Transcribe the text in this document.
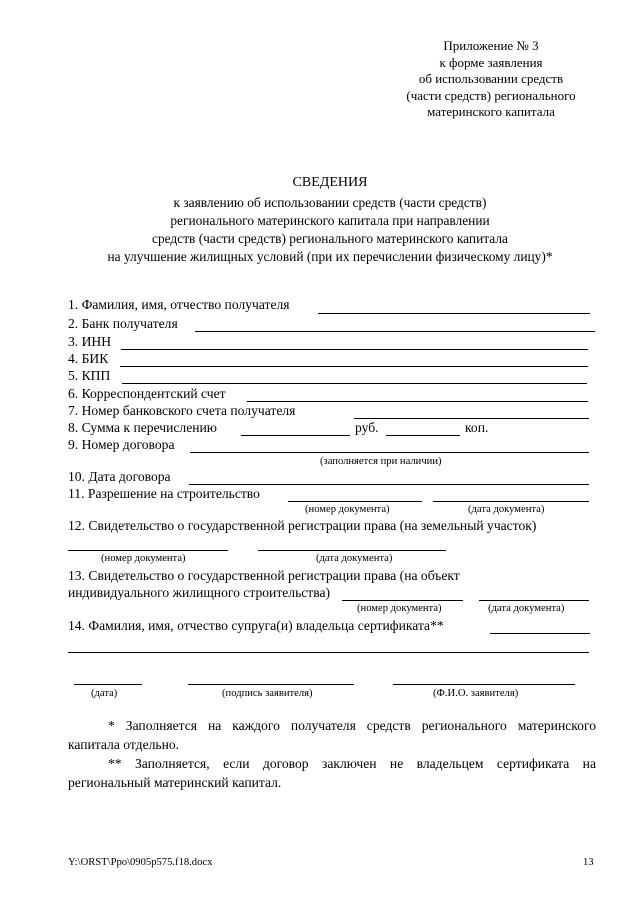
Приложение № 3
к форме заявления
об использовании средств
(части средств) регионального
материнского капитала
СВЕДЕНИЯ
к заявлению об использовании средств (части средств)
регионального материнского капитала при направлении
средств (части средств) регионального материнского капитала
на улучшение жилищных условий (при их перечислении физическому лицу)*
1. Фамилия, имя, отчество получателя
2. Банк получателя
3. ИНН
4. БИК
5. КПП
6. Корреспондентский счет
7. Номер банковского счета получателя
8. Сумма к перечислению	руб.	коп.
9. Номер договора
(заполняется при наличии)
10. Дата договора
11. Разрешение на строительство
(номер документа)	(дата документа)
12. Свидетельство о государственной регистрации права (на земельный участок)
(номер документа)	(дата документа)
13. Свидетельство о государственной регистрации права (на объект
индивидуального жилищного строительства)
(номер документа)	(дата документа)
14. Фамилия, имя, отчество супруга(и) владельца сертификата**
(дата)	(подпись заявителя)	(Ф.И.О. заявителя)
* Заполняется на каждого получателя средств регионального материнского капитала отдельно.
** Заполняется, если договор заключен не владельцем сертификата на региональный материнский капитал.
Y:\ORST\Ppo\0905p575.f18.docx	13
